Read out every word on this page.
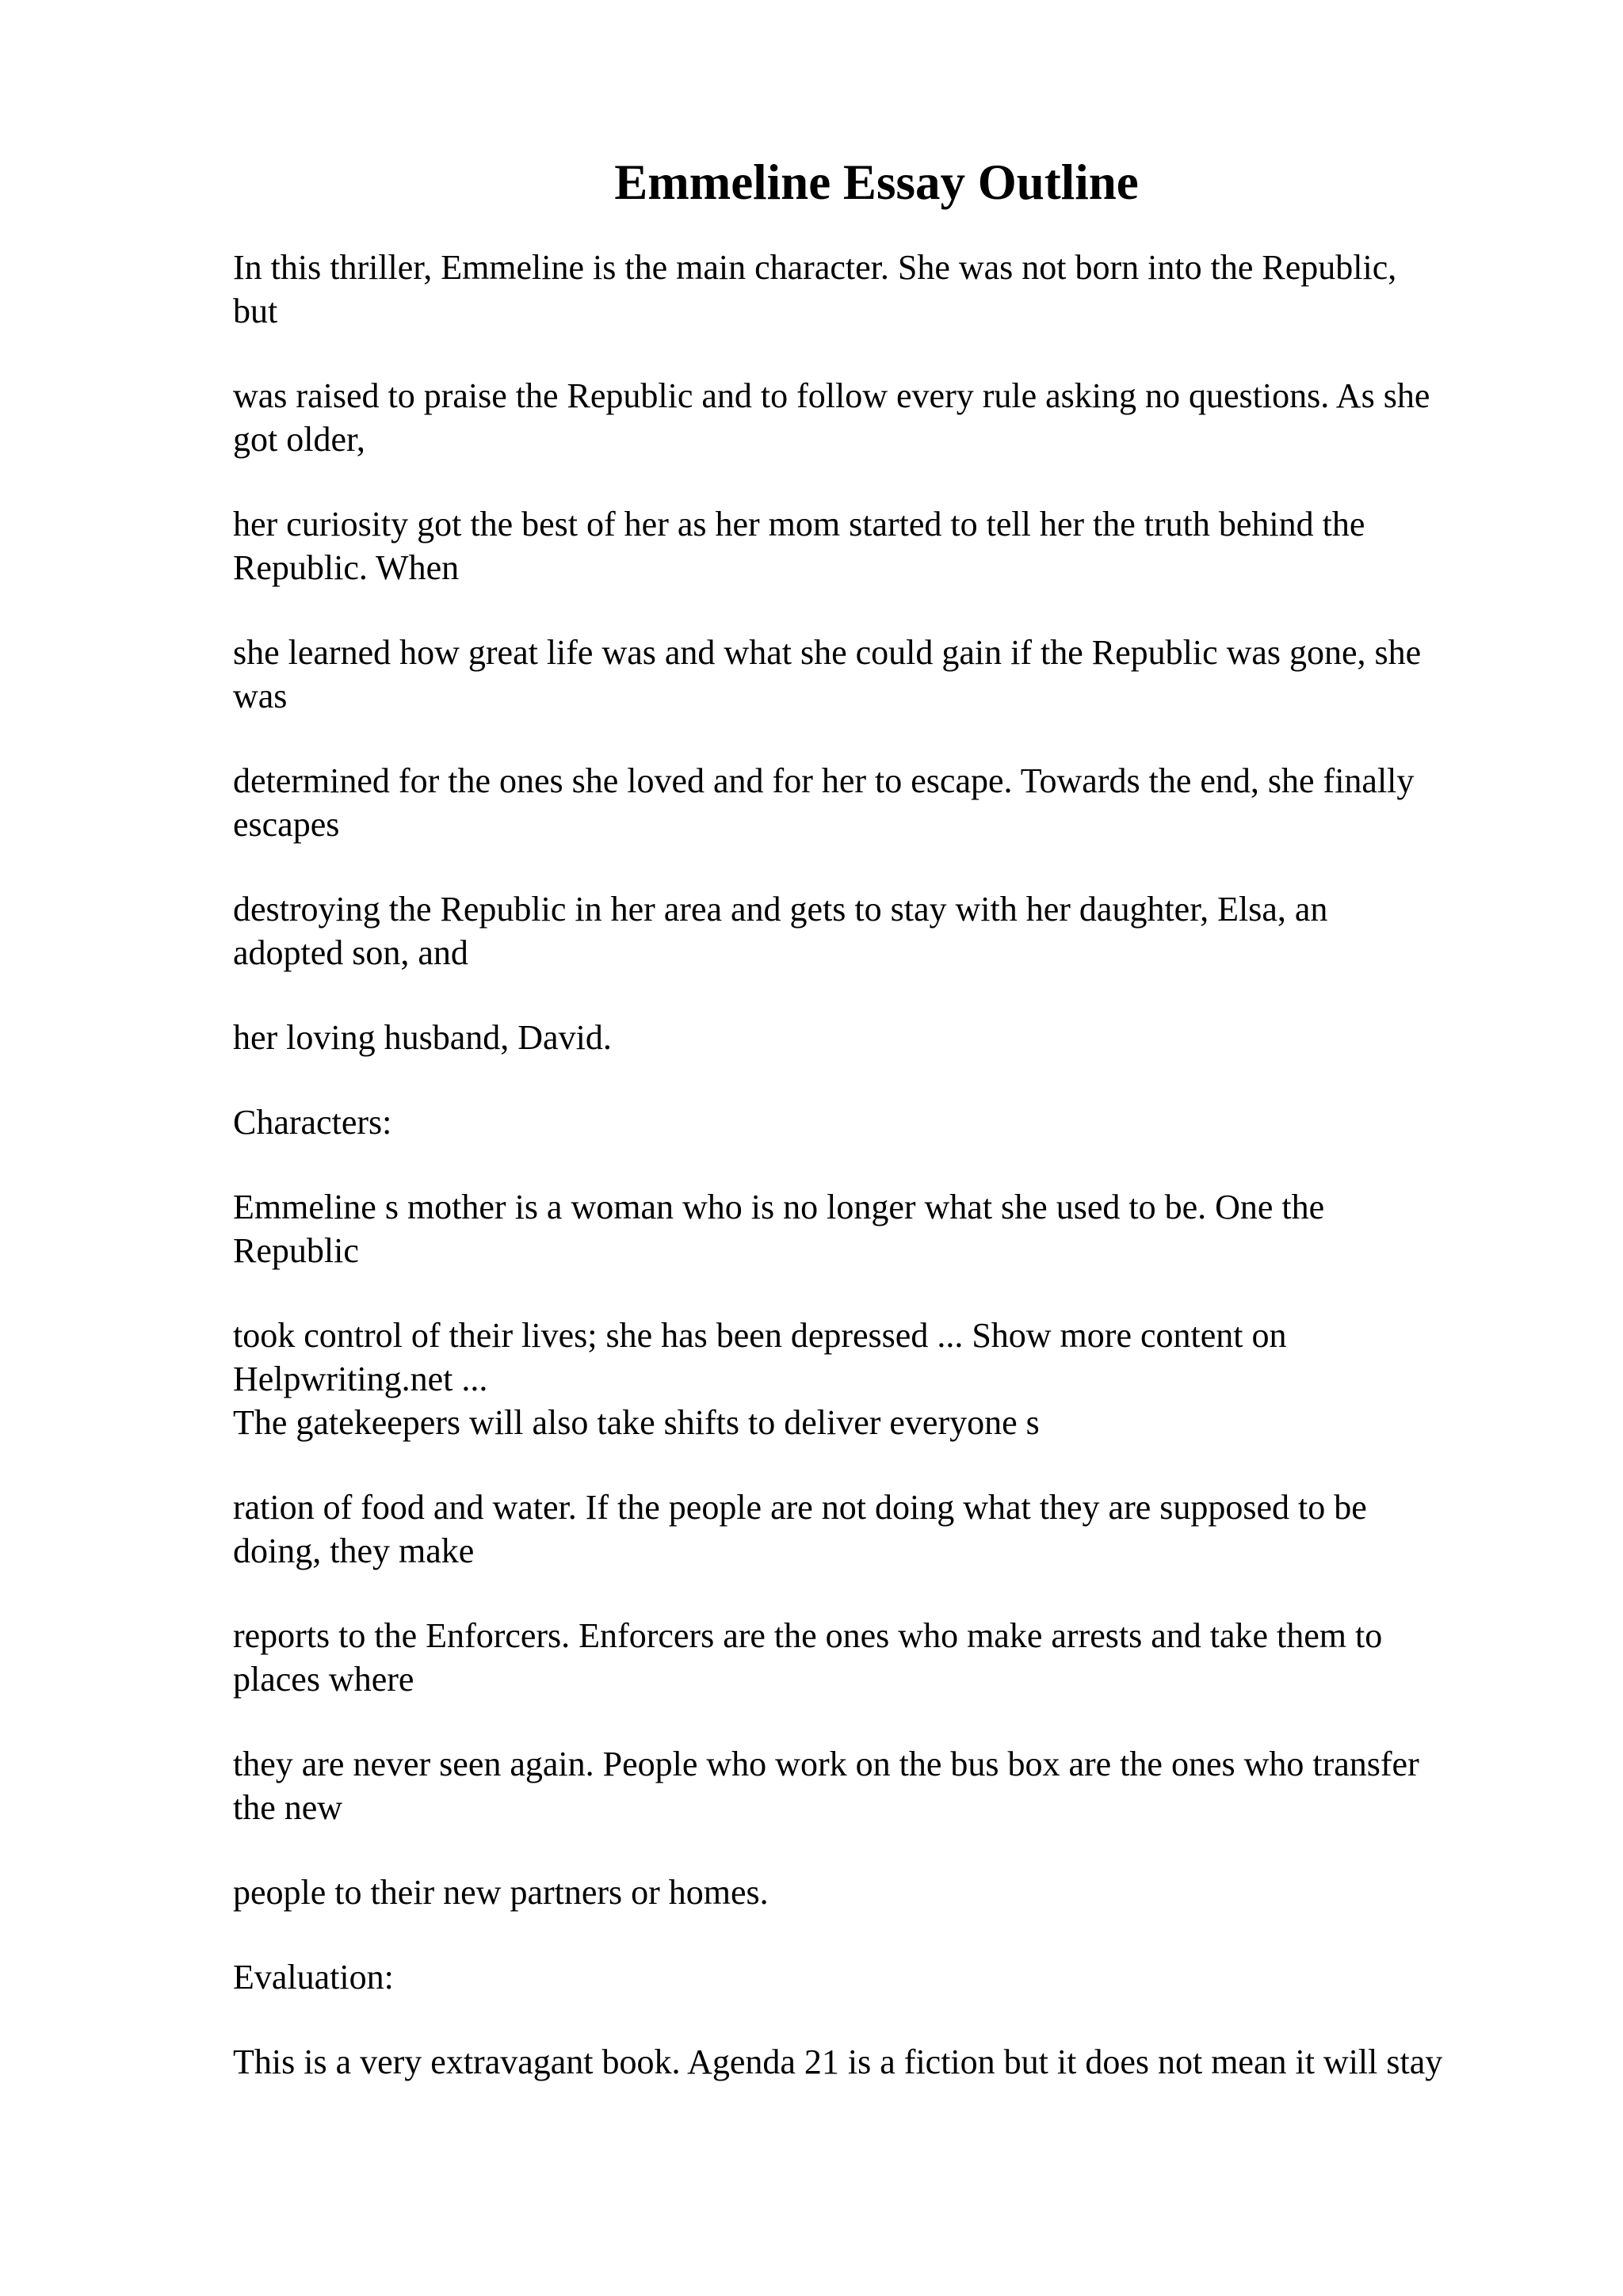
Emmeline Essay Outline

In this thriller, Emmeline is the main character. She was not born into the Republic,
but

was raised to praise the Republic and to follow every rule asking no questions. As she
got older,

her curiosity got the best of her as her mom started to tell her the truth behind the
Republic. When

she learned how great life was and what she could gain if the Republic was gone, she
was

determined for the ones she loved and for her to escape. Towards the end, she finally
escapes

destroying the Republic in her area and gets to stay with her daughter, Elsa, an
adopted son, and

her loving husband, David.

Characters:

Emmeline s mother is a woman who is no longer what she used to be. One the
Republic

took control of their lives; she has been depressed ... Show more content on
Helpwriting.net ...

The gatekeepers will also take shifts to deliver everyone s

ration of food and water. If the people are not doing what they are supposed to be
doing, they make

reports to the Enforcers. Enforcers are the ones who make arrests and take them to
places where

they are never seen again. People who work on the bus box are the ones who transfer
the new

people to their new partners or homes.

Evaluation:

This is a very extravagant book. Agenda 21 is a fiction but it does not mean it will stay
